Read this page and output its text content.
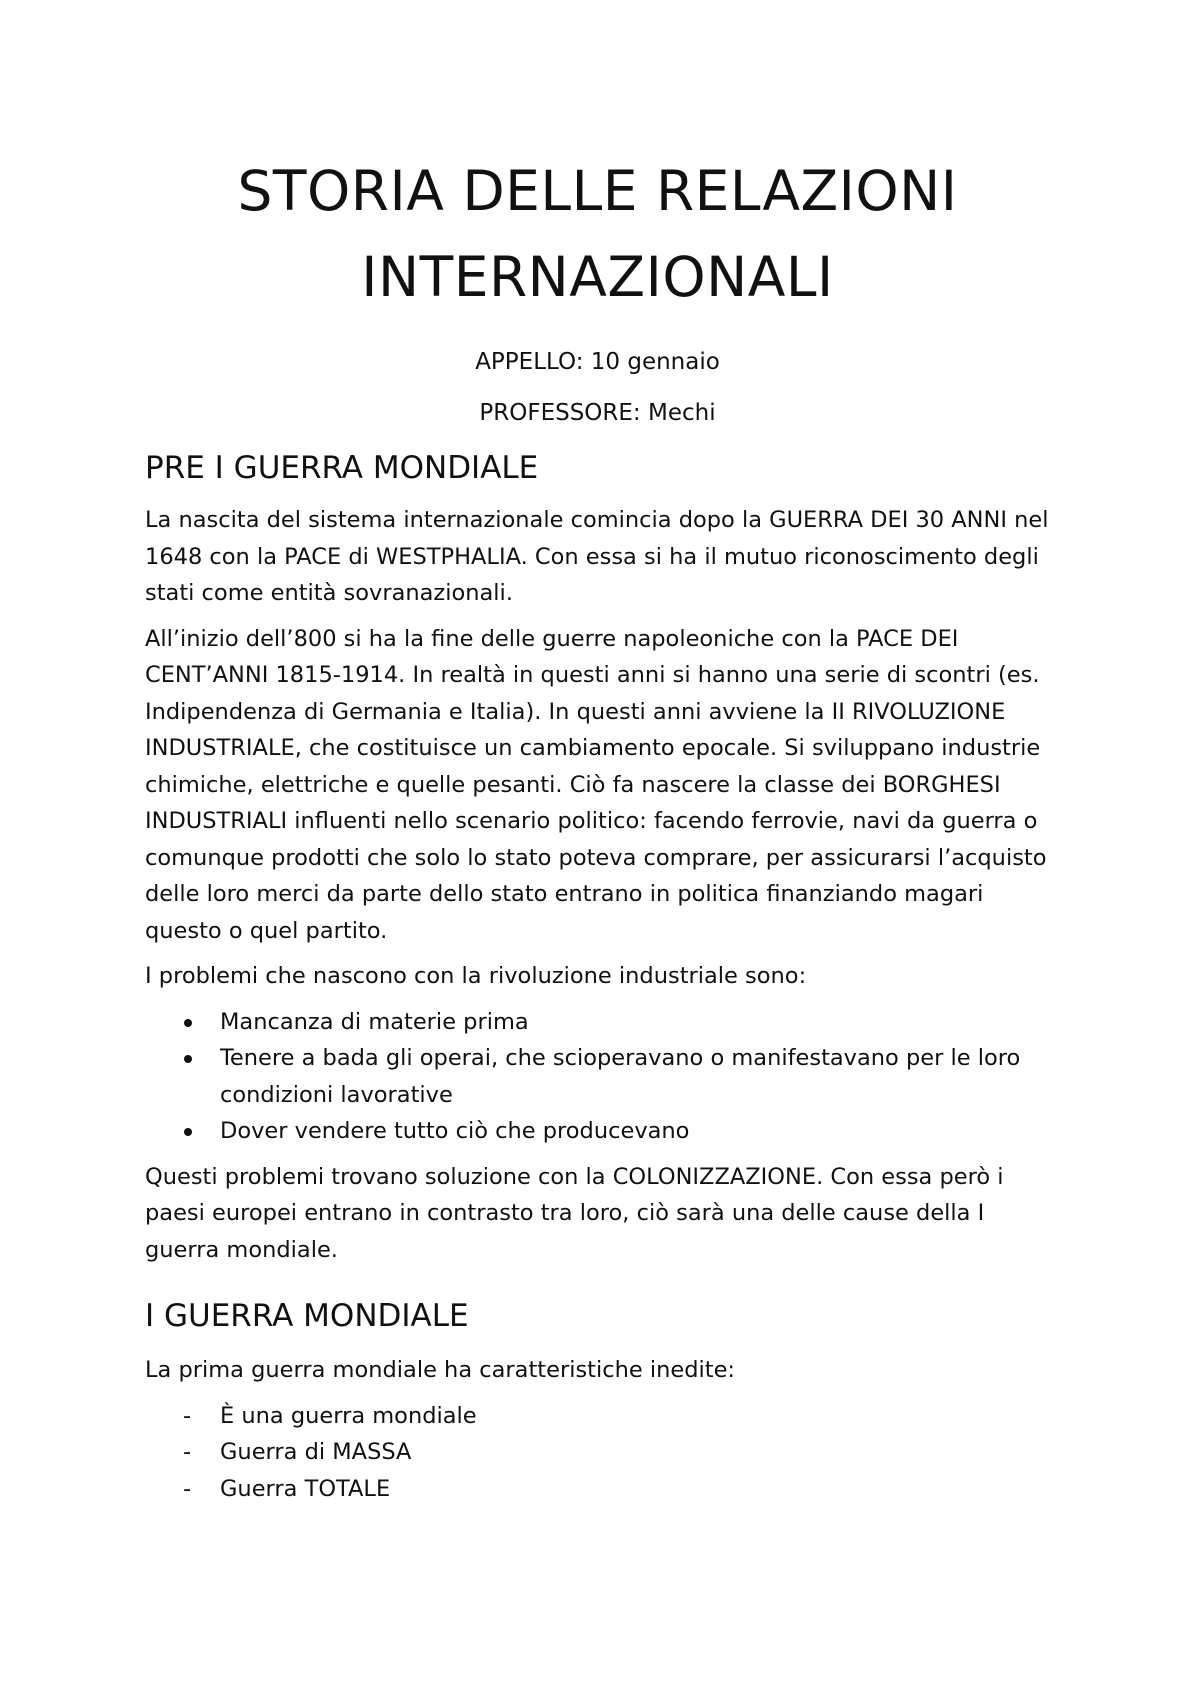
STORIA DELLE RELAZIONI
INTERNAZIONALI

APPELLO: 10 gennaio

PROFESSORE: Mechi

PRE I GUERRA MONDIALE

La nascita del sistema internazionale comincia dopo la GUERRA DEI 30 ANNI nel 1648 con la PACE di WESTPHALIA. Con essa si ha il mutuo riconoscimento degli stati come entità sovranazionali.

All’inizio dell’800 si ha la fine delle guerre napoleoniche con la PACE DEI CENT’ANNI 1815-1914. In realtà in questi anni si hanno una serie di scontri (es. Indipendenza di Germania e Italia). In questi anni avviene la II RIVOLUZIONE INDUSTRIALE, che costituisce un cambiamento epocale. Si sviluppano industrie chimiche, elettriche e quelle pesanti. Ciò fa nascere la classe dei BORGHESI INDUSTRIALI influenti nello scenario politico: facendo ferrovie, navi da guerra o comunque prodotti che solo lo stato poteva comprare, per assicurarsi l’acquisto delle loro merci da parte dello stato entrano in politica finanziando magari questo o quel partito.

I problemi che nascono con la rivoluzione industriale sono:

Mancanza di materie prima
Tenere a bada gli operai, che scioperavano o manifestavano per le loro condizioni lavorative
Dover vendere tutto ciò che producevano

Questi problemi trovano soluzione con la COLONIZZAZIONE. Con essa però i paesi europei entrano in contrasto tra loro, ciò sarà una delle cause della I guerra mondiale.

I GUERRA MONDIALE

La prima guerra mondiale ha caratteristiche inedite:

- È una guerra mondiale
- Guerra di MASSA
- Guerra TOTALE
